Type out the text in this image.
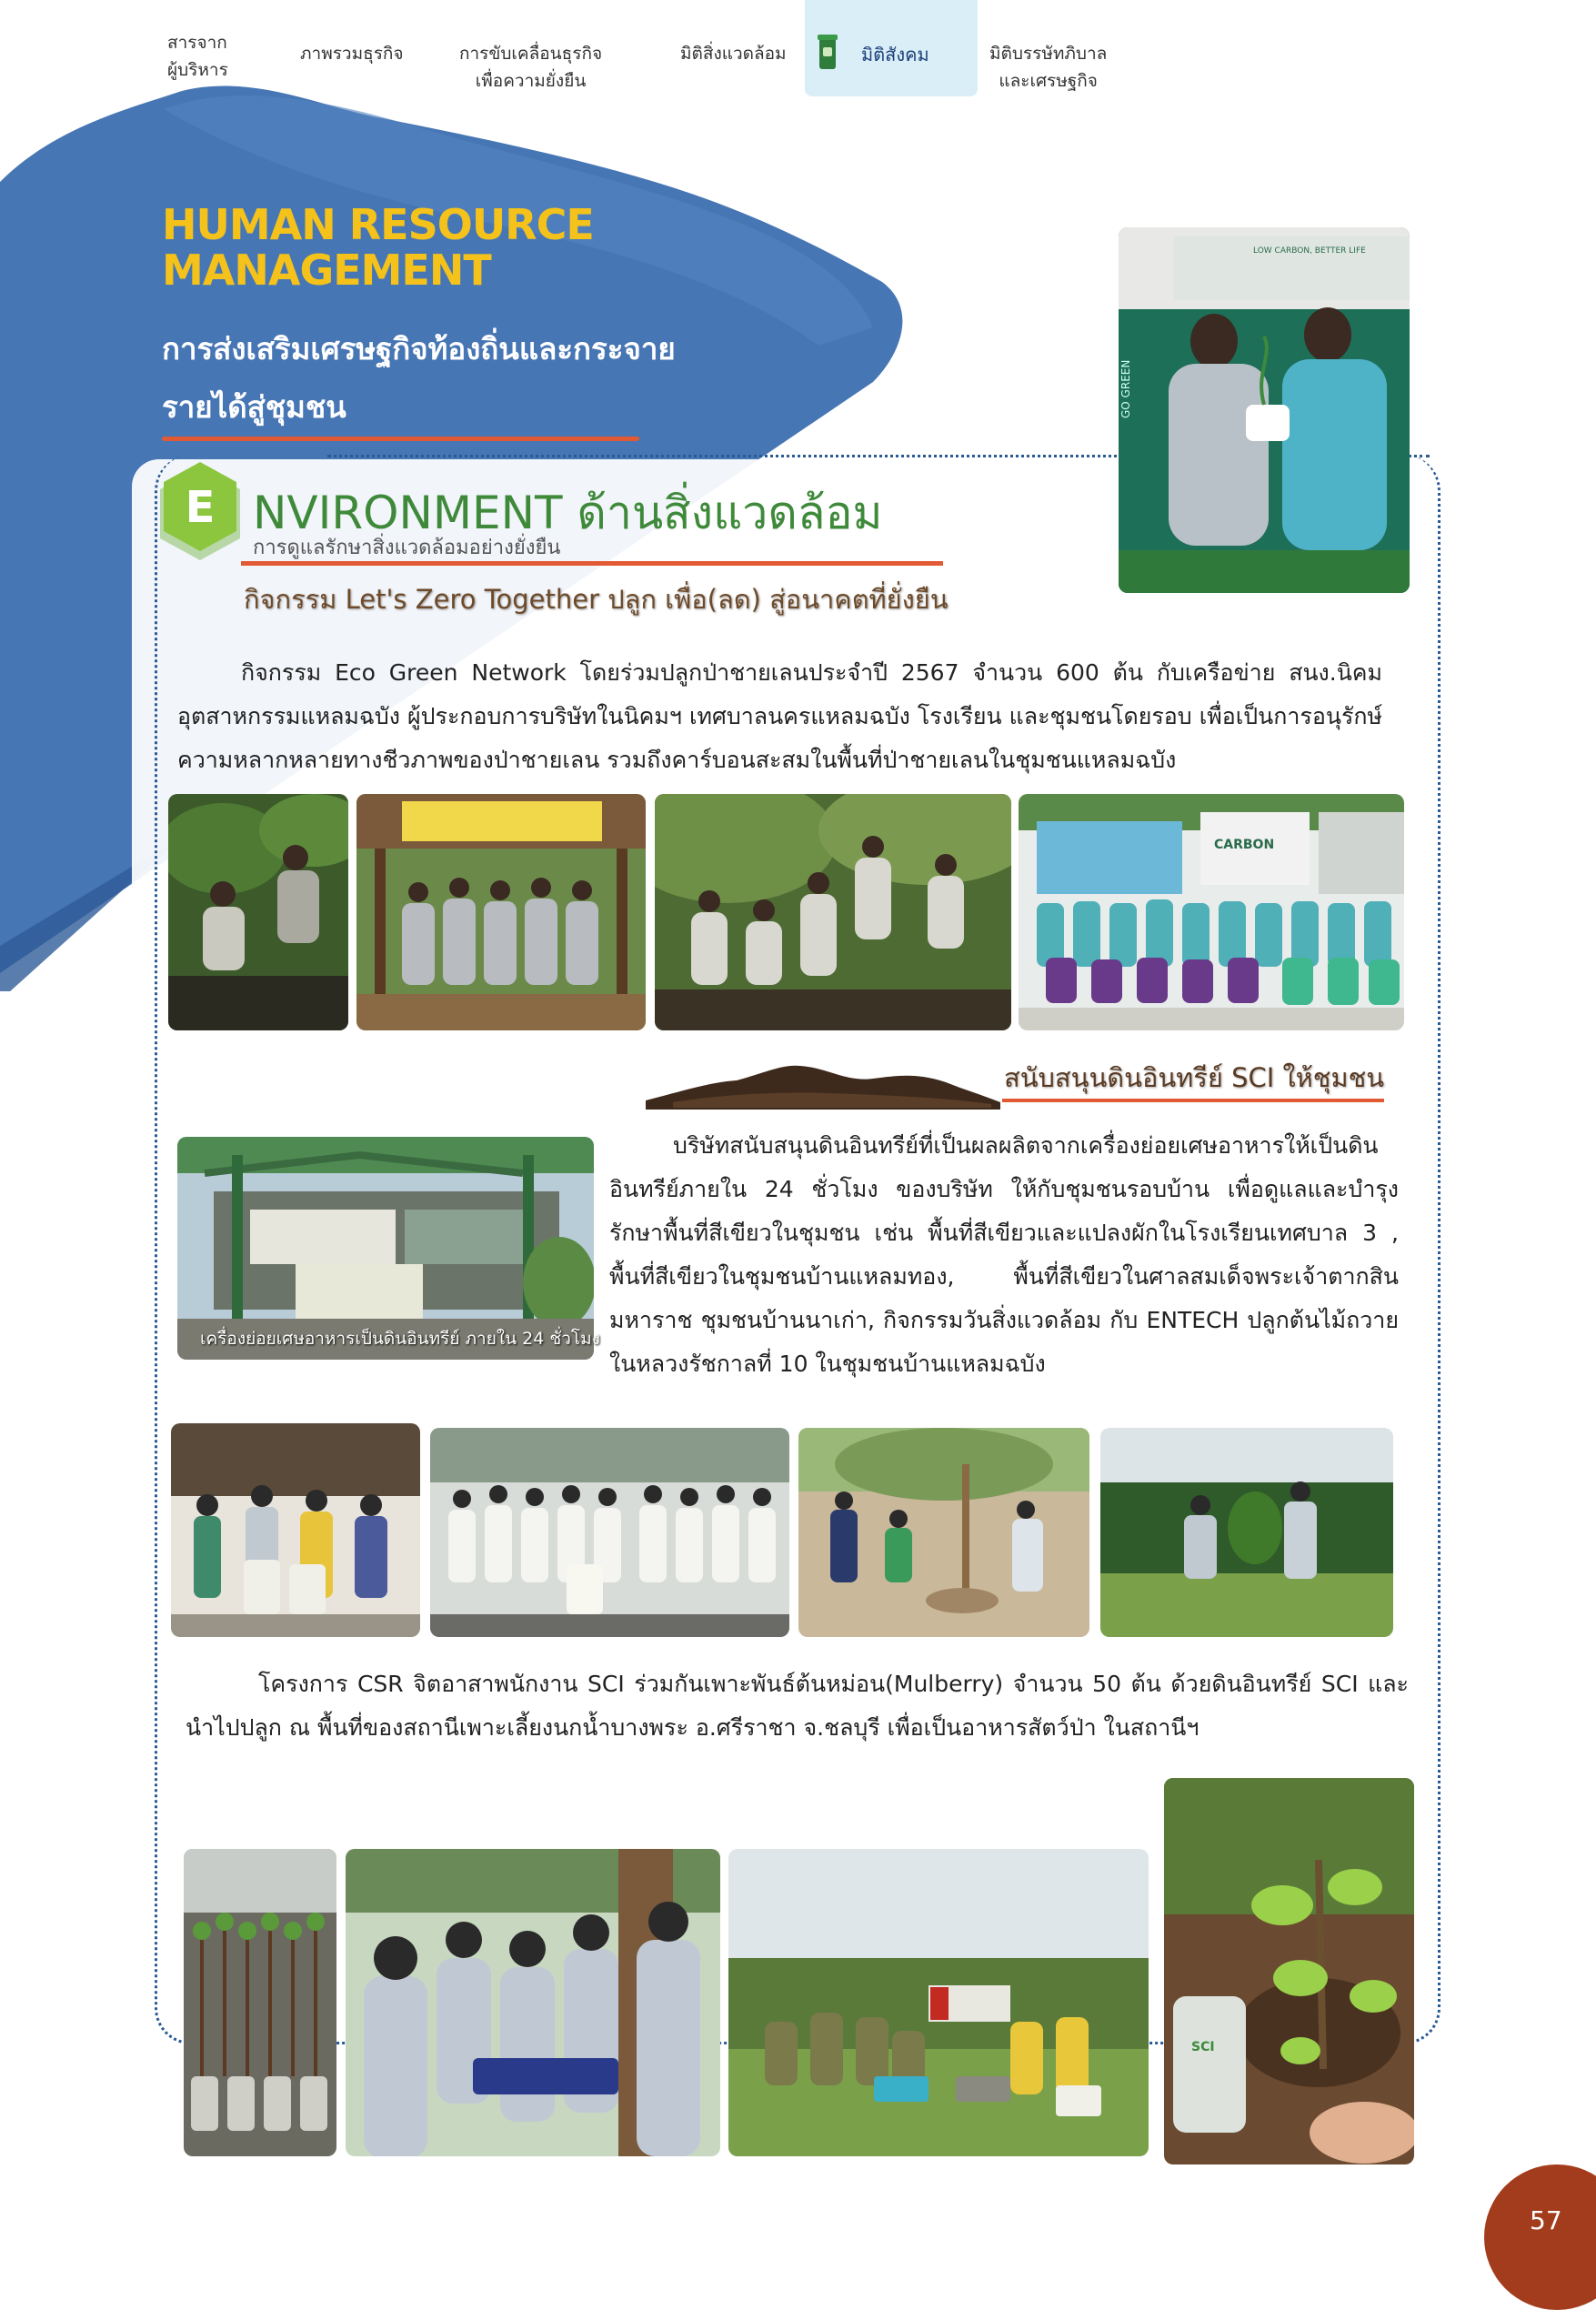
สารจาก
ผู้บริหาร
ภาพรวมธุรกิจ	การขับเคลื่อนธุรกิจ
เพื่อความยั่งยืน
มิติสิ่งแวดล้อม	มิติสังคม	มิติบรรษัทภิบาล
และเศรษฐกิจ
HUMAN RESOURCE
MANAGEMENT
การส่งเสริมเศรษฐกิจท้องถิ่นและกระจาย
รายได้สู่ชุมชน
LOW CARBON, BETTER LIFE
GO GREEN
E NVIRONMENT ด้านสิ่งแวดล้อม
การดูแลรักษาสิ่งแวดล้อมอย่างยั่งยืน
กิจกรรม Let's Zero Together ปลูก เพื่อ(ลด) สู่อนาคตที่ยั่งยืน
กิจกรรม Eco Green Network โดยร่วมปลูกป่าชายเลนประจำปี 2567 จำนวน 600 ต้น กับเครือข่าย สนง.นิคมอุตสาหกรรมแหลมฉบัง ผู้ประกอบการบริษัทในนิคมฯ เทศบาลนครแหลมฉบัง โรงเรียน และชุมชนโดยรอบ เพื่อเป็นการอนุรักษ์ความหลากหลายทางชีวภาพของป่าชายเลน รวมถึงคาร์บอนสะสมในพื้นที่ป่าชายเลนในชุมชนแหลมฉบัง
CARBON
สนับสนุนดินอินทรีย์ SCI ให้ชุมชน
เครื่องย่อยเศษอาหารเป็นดินอินทรีย์ ภายใน 24 ชั่วโมง
บริษัทสนับสนุนดินอินทรีย์ที่เป็นผลผลิตจากเครื่องย่อยเศษอาหารให้เป็นดินอินทรีย์ภายใน 24 ชั่วโมง ของบริษัท ให้กับชุมชนรอบบ้าน เพื่อดูแลและบำรุงรักษาพื้นที่สีเขียวในชุมชน เช่น พื้นที่สีเขียวและแปลงผักในโรงเรียนเทศบาล 3 , พื้นที่สีเขียวในชุมชนบ้านแหลมทอง, พื้นที่สีเขียวในศาลสมเด็จพระเจ้าตากสินมหาราช ชุมชนบ้านนาเก่า, กิจกรรมวันสิ่งแวดล้อม กับ ENTECH ปลูกต้นไม้ถวายในหลวงรัชกาลที่ 10 ในชุมชนบ้านแหลมฉบัง
โครงการ CSR จิตอาสาพนักงาน SCI ร่วมกันเพาะพันธ์ต้นหม่อน(Mulberry) จำนวน 50 ต้น ด้วยดินอินทรีย์ SCI และนำไปปลูก ณ พื้นที่ของสถานีเพาะเลี้ยงนกน้ำบางพระ อ.ศรีราชา จ.ชลบุรี เพื่อเป็นอาหารสัตว์ป่า ในสถานีฯ
SCI
57
